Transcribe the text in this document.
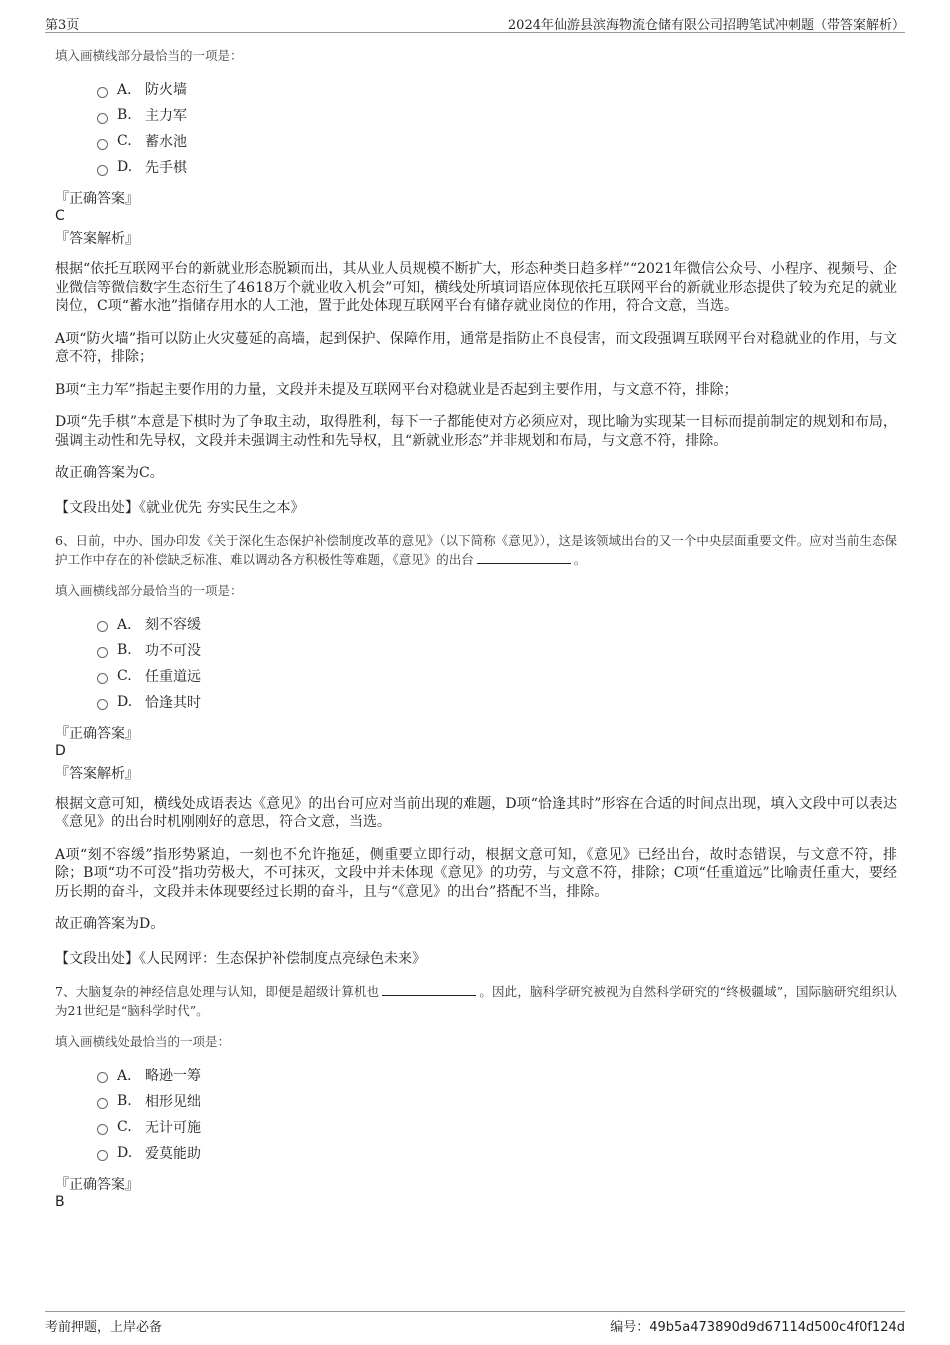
第3页	2024年仙游县滨海物流仓储有限公司招聘笔试冲刺题（带答案解析）

填入画横线部分最恰当的一项是：

A． 防火墙
B. 主力军
C. 蓄水池
D. 先手棋
『正确答案』
C
『答案解析』

根据“依托互联网平台的新就业形态脱颖而出，其从业人员规模不断扩大，形态种类日趋多样”“2021年微信公众号、小程序、视频号、企业微信等微信数字生态衍生了4618万个就业收入机会”可知，横线处所填词语应体现依托互联网平台的新就业形态提供了较为充足的就业岗位，C项“蓄水池”指储存用水的人工池，置于此处体现互联网平台有储存就业岗位的作用，符合文意，当选。

A项“防火墙”指可以防止火灾蔓延的高墙，起到保护、保障作用，通常是指防止不良侵害，而文段强调互联网平台对稳就业的作用，与文意不符，排除；

B项“主力军”指起主要作用的力量，文段并未提及互联网平台对稳就业是否起到主要作用，与文意不符，排除；

D项“先手棋”本意是下棋时为了争取主动，取得胜利，每下一子都能使对方必须应对，现比喻为实现某一目标而提前制定的规划和布局，强调主动性和先导权，文段并未强调主动性和先导权，且“新就业形态”并非规划和布局，与文意不符，排除。

故正确答案为C。

【文段出处】《就业优先 夯实民生之本》

6、日前，中办、国办印发《关于深化生态保护补偿制度改革的意见》（以下简称《意见》），这是该领域出台的又一个中央层面重要文件。应对当前生态保护工作中存在的补偿缺乏标准、难以调动各方积极性等难题，《意见》的出台	。

填入画横线部分最恰当的一项是：

A． 刻不容缓
B. 功不可没
C. 任重道远
D. 恰逢其时
『正确答案』
D
『答案解析』

根据文意可知，横线处成语表达《意见》的出台可应对当前出现的难题，D项“恰逢其时”形容在合适的时间点出现，填入文段中可以表达《意见》的出台时机刚刚好的意思，符合文意，当选。

A项“刻不容缓”指形势紧迫，一刻也不允许拖延，侧重要立即行动，根据文意可知，《意见》已经出台，故时态错误，与文意不符，排除；B项“功不可没”指功劳极大，不可抹灭，文段中并未体现《意见》的功劳，与文意不符，排除；C项“任重道远”比喻责任重大，要经历长期的奋斗，文段并未体现要经过长期的奋斗，且与“《意见》的出台”搭配不当，排除。

故正确答案为D。

【文段出处】《人民网评：生态保护补偿制度点亮绿色未来》

7、大脑复杂的神经信息处理与认知，即便是超级计算机也	。因此，脑科学研究被视为自然科学研究的“终极疆域”，国际脑研究组织认为21世纪是“脑科学时代”。

填入画横线处最恰当的一项是：

A． 略逊一筹
B. 相形见绌
C. 无计可施
D. 爱莫能助
『正确答案』
B
考前押题，上岸必备	编号：49b5a473890d9d67114d500c4f0f124d
